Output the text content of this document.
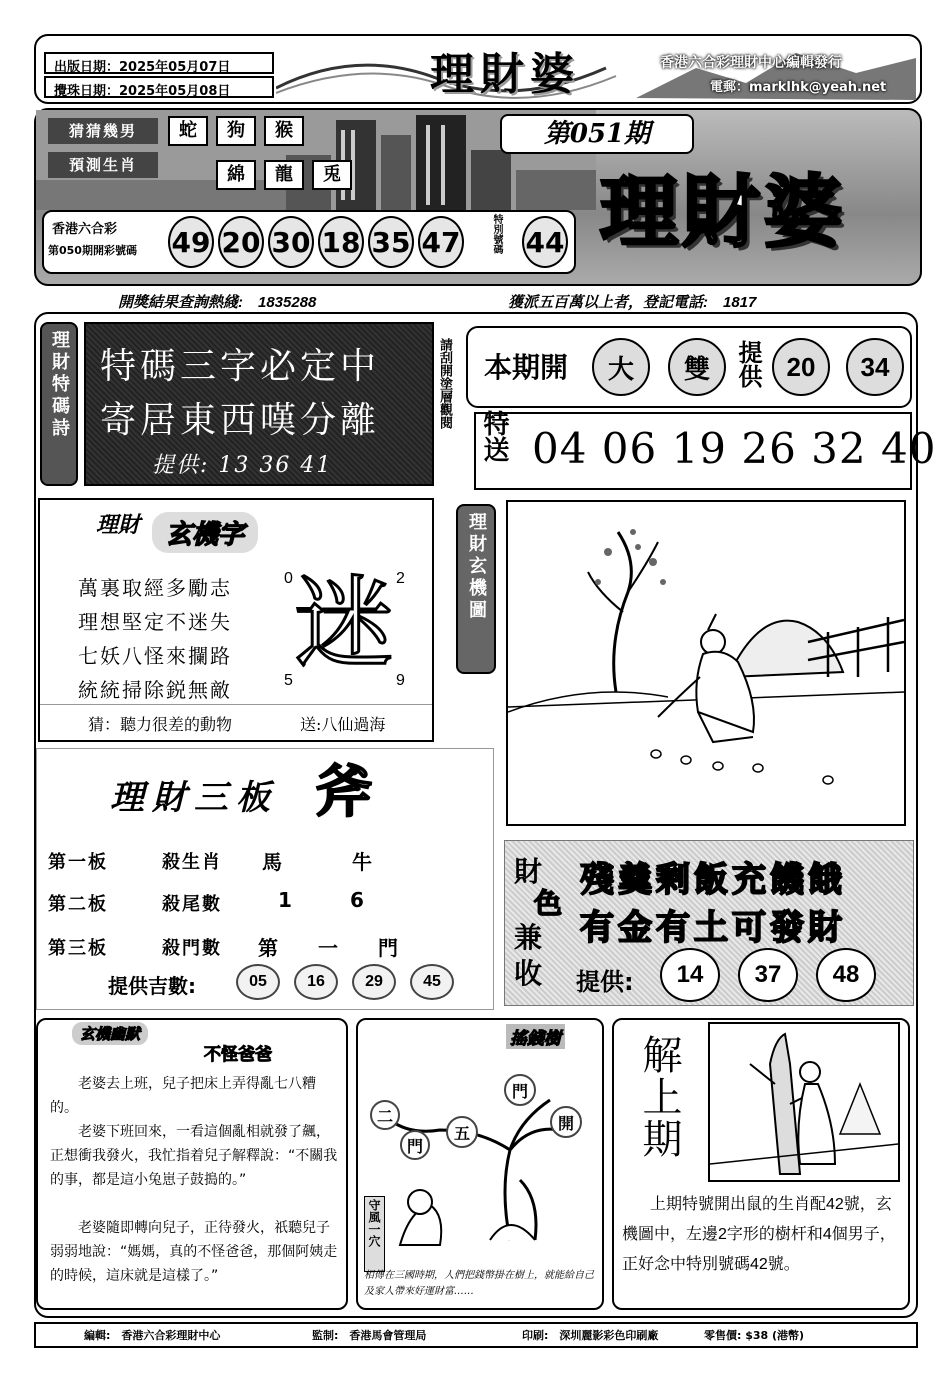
出版日期：2025年05月07日
攪珠日期：2025年05月08日	理財婆	香港六合彩理財中心編輯發行
電郵：marklhk@yeah.net
猜猜幾男
預測生肖
蛇	狗	猴
綿	龍	兎
第051期
理財婆
香港六合彩
第050期開彩號碼 49 20 30 18 35 47	特別號碼 44
開獎結果查詢熱綫:　1835288	獲派五百萬以上者，登記電話:　1817
理財特碼詩 特碼三字必定中
寄居東西嘆分離
提供: 13 36 41
請刮開塗層觀閱 本期開	大	雙	提供 20	34
特送 04 06 19 26 32 40
理財 玄機字
萬裏取經多勵志
理想堅定不迷失
七妖八怪來攔路
統統掃除鋭無敵
迷
0	2
5	9
猜：聽力很差的動物	送:八仙過海
理財玄機圖
理財三板 斧
第一板	殺生肖 馬	牛
第二板	殺尾數	1	6
第三板	殺門數 第 一 門
提供吉數:	05	16	29	45
財
色
兼
收
殘羹剩飯充饑餓
有金有土可發財
提供:	14	37	48
玄機幽默
不怪爸爸
老婆去上班，兒子把床上弄得亂七八糟的。
老婆下班回來，一看這個亂相就發了飆，正想衝我發火，我忙指着兒子解釋說：“不關我的事，都是這小兔崽子鼓搗的。”
老婆隨即轉向兒子，正待發火，祇聽兒子弱弱地說：“媽媽，真的不怪爸爸，那個阿姨走的時候，這床就是這樣了。”
搖錢樹
二
門
五
門
開
守風一穴
相傳在三國時期，人們把錢幣掛在樹上，就能給自己及家人帶來好運財富……
解上期
上期特號開出鼠的生肖配42號，玄機圖中，左邊2字形的樹杆和4個男子，正好念中特別號碼42號。
編輯:　香港六合彩理財中心	監制:　香港馬會管理局	印刷:　深圳麗影彩色印刷廠	零售價: $38 (港幣)
